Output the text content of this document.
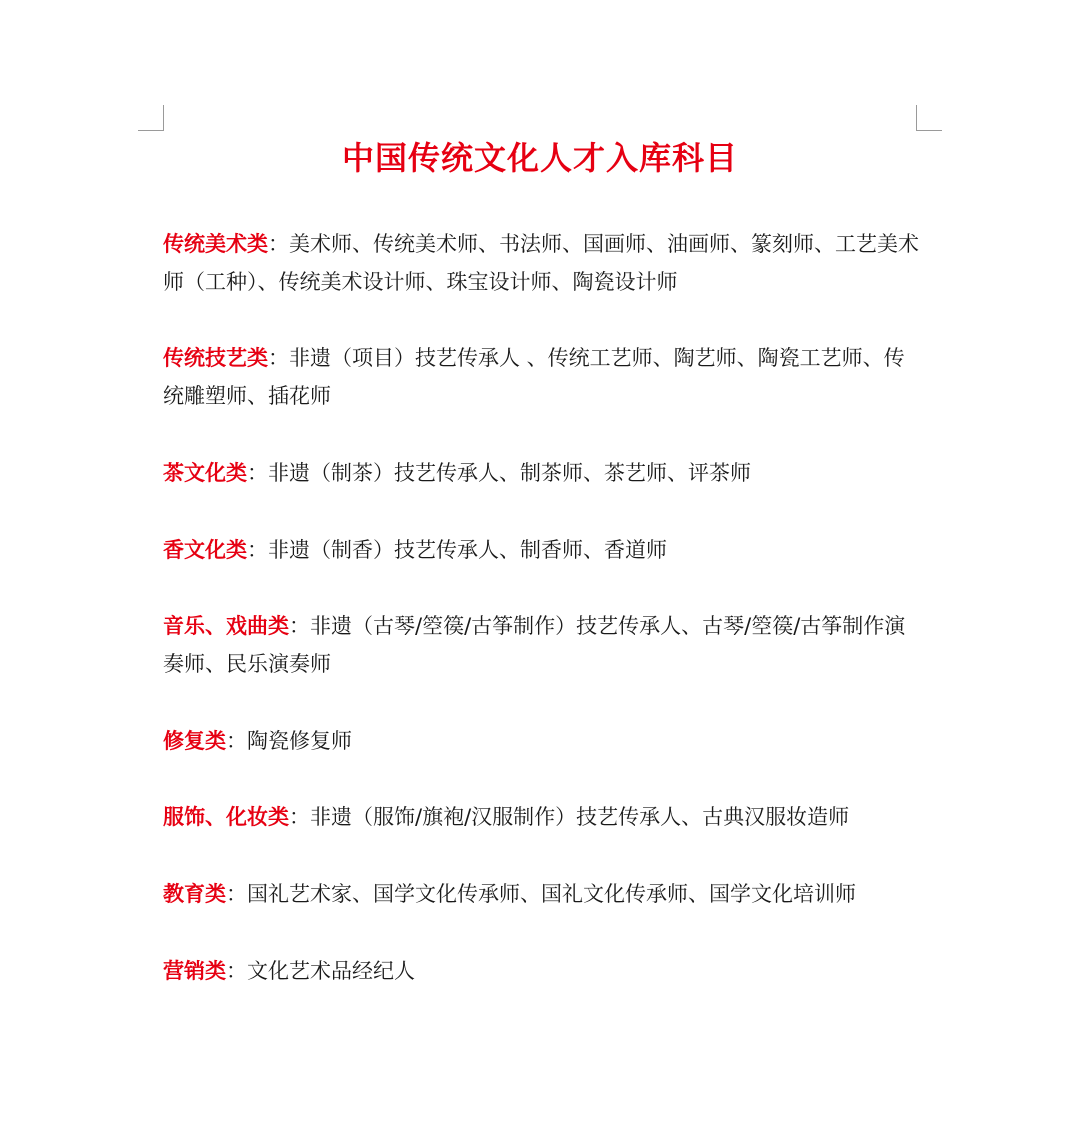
中国传统文化人才入库科目

传统美术类：美术师、传统美术师、书法师、国画师、油画师、篆刻师、工艺美术师（工种）、传统美术设计师、珠宝设计师、陶瓷设计师

传统技艺类：非遗（项目）技艺传承人 、传统工艺师、陶艺师、陶瓷工艺师、传统雕塑师、插花师

茶文化类：非遗（制茶）技艺传承人、制茶师、茶艺师、评茶师

香文化类：非遗（制香）技艺传承人、制香师、香道师

音乐、戏曲类：非遗（古琴/箜篌/古筝制作）技艺传承人、古琴/箜篌/古筝制作演奏师、民乐演奏师

修复类：陶瓷修复师

服饰、化妆类：非遗（服饰/旗袍/汉服制作）技艺传承人、古典汉服妆造师

教育类：国礼艺术家、国学文化传承师、国礼文化传承师、国学文化培训师

营销类：文化艺术品经纪人
